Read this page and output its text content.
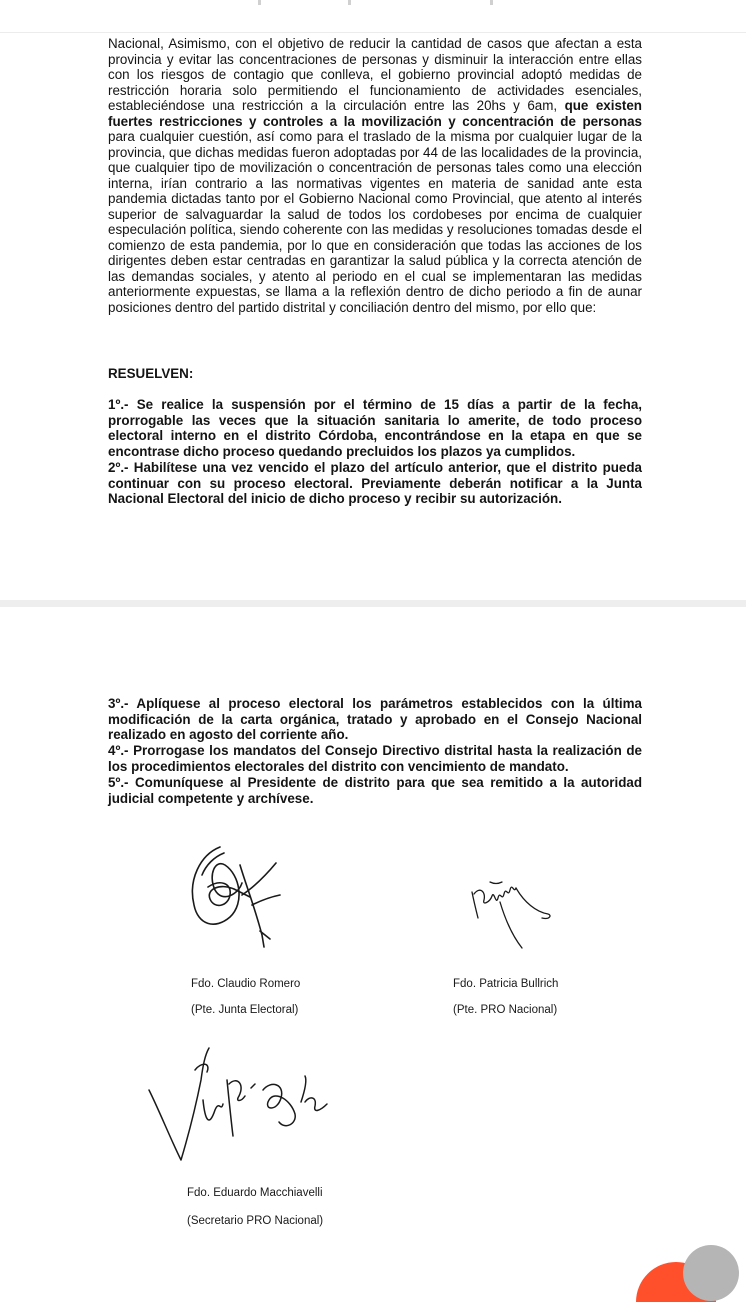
Nacional, Asimismo, con el objetivo de reducir la cantidad de casos que afectan a esta provincia y evitar las concentraciones de personas y disminuir la interacción entre ellas con los riesgos de contagio que conlleva, el gobierno provincial adoptó medidas de restricción horaria solo permitiendo el funcionamiento de actividades esenciales, estableciéndose una restricción a la circulación entre las 20hs y 6am, que existen fuertes restricciones y controles a la movilización y concentración de personas para cualquier cuestión, así como para el traslado de la misma por cualquier lugar de la provincia, que dichas medidas fueron adoptadas por 44 de las localidades de la provincia, que cualquier tipo de movilización o concentración de personas tales como una elección interna, irían contrario a las normativas vigentes en materia de sanidad ante esta pandemia dictadas tanto por el Gobierno Nacional como Provincial, que atento al interés superior de salvaguardar la salud de todos los cordobeses por encima de cualquier especulación política, siendo coherente con las medidas y resoluciones tomadas desde el comienzo de esta pandemia, por lo que en consideración que todas las acciones de los dirigentes deben estar centradas en garantizar la salud pública y la correcta atención de las demandas sociales, y atento al periodo en el cual se implementaran las medidas anteriormente expuestas, se llama a la reflexión dentro de dicho periodo a fin de aunar posiciones dentro del partido distrital y conciliación dentro del mismo, por ello que:

RESUELVEN:

1º.- Se realice la suspensión por el término de 15 días a partir de la fecha, prorrogable las veces que la situación sanitaria lo amerite, de todo proceso electoral interno en el distrito Córdoba, encontrándose en la etapa en que se encontrase dicho proceso quedando precluidos los plazos ya cumplidos.

2º.- Habilítese una vez vencido el plazo del artículo anterior, que el distrito pueda continuar con su proceso electoral. Previamente deberán notificar a la Junta Nacional Electoral del inicio de dicho proceso y recibir su autorización.

3º.- Aplíquese al proceso electoral los parámetros establecidos con la última modificación de la carta orgánica, tratado y aprobado en el Consejo Nacional realizado en agosto del corriente año.

4º.- Prorrogase los mandatos del Consejo Directivo distrital hasta la realización de los procedimientos electorales del distrito con vencimiento de mandato.

5º.- Comuníquese al Presidente de distrito para que sea remitido a la autoridad judicial competente y archívese.

Fdo. Claudio Romero
(Pte. Junta Electoral)
Fdo. Patricia Bullrich
(Pte. PRO Nacional)
Fdo. Eduardo Macchiavelli
(Secretario PRO Nacional)
